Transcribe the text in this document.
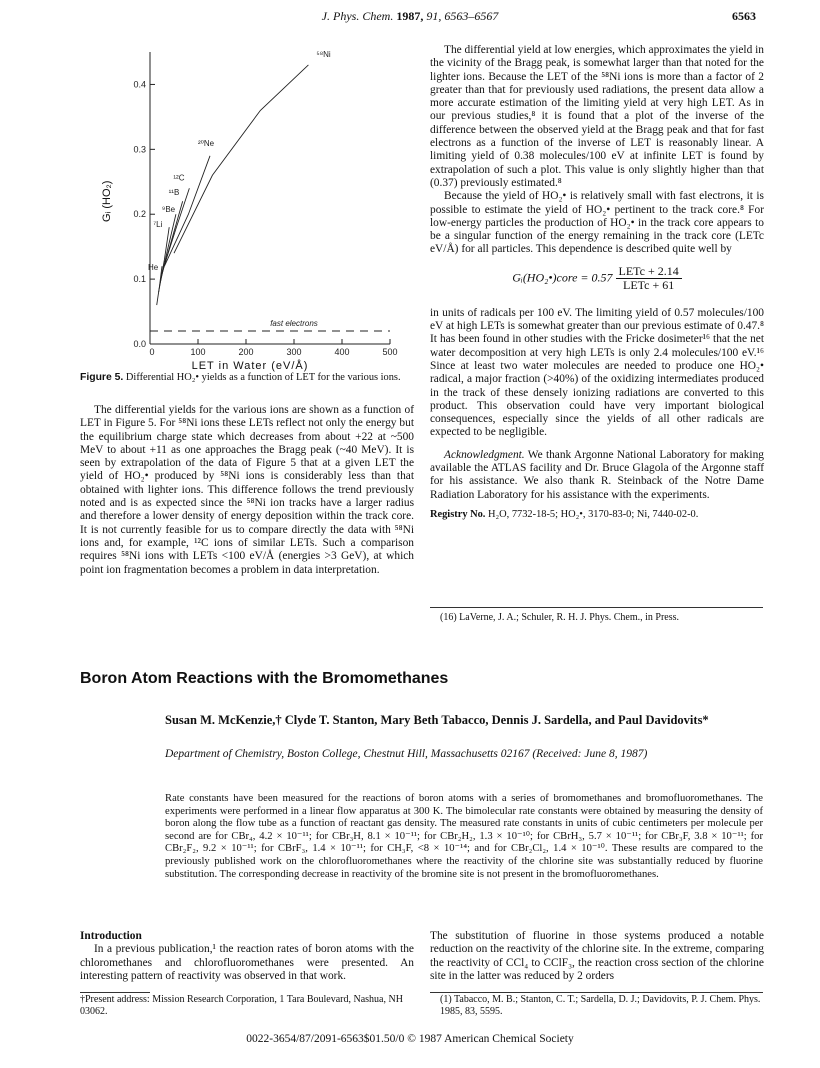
J. Phys. Chem. 1987, 91, 6563–6567	6563
0	100	200	300	400	500
0.0
0.1
0.2
0.3
0.4
LET in Water (eV/Å)
Gᵢ (HO₂)
⁵⁸Ni
²⁰Ne
¹²C
¹¹B
⁹Be
⁷Li
He
fast electrons
Figure 5. Differential HO₂• yields as a function of LET for the various ions.

The differential yields for the various ions are shown as a function of LET in Figure 5. For ⁵⁸Ni ions these LETs reflect not only the energy but the equilibrium charge state which decreases from about +22 at ~500 MeV to about +11 as one approaches the Bragg peak (~40 MeV). It is seen by extrapolation of the data of Figure 5 that at a given LET the yield of HO₂• produced by ⁵⁸Ni ions is considerably less than that obtained with lighter ions. This difference follows the trend previously noted and is as expected since the ⁵⁸Ni ion tracks have a larger radius and therefore a lower density of energy deposition within the track core. It is not currently feasible for us to compare directly the data with ⁵⁸Ni ions and, for example, ¹²C ions of similar LETs. Such a comparison requires ⁵⁸Ni ions with LETs <100 eV/Å (energies >3 GeV), at which point ion fragmentation becomes a problem in data interpretation.

The differential yield at low energies, which approximates the yield in the vicinity of the Bragg peak, is somewhat larger than that noted for the lighter ions. Because the LET of the ⁵⁸Ni ions is more than a factor of 2 greater than that for previously used radiations, the present data allow a more accurate estimation of the limiting yield at very high LET. As in our previous studies,⁸ it is found that a plot of the inverse of the difference between the observed yield at the Bragg peak and that for fast electrons as a function of the inverse of LET is reasonably linear. A limiting yield of 0.38 molecules/100 eV at infinite LET is found by extrapolation of such a plot. This value is only slightly higher than that (0.37) previously estimated.⁸

Because the yield of HO₂• is relatively small with fast electrons, it is possible to estimate the yield of HO₂• pertinent to the track core.⁸ For low-energy particles the production of HO₂• in the track core appears to be a singular function of the energy remaining in the track core (LETc eV/Å) for all particles. This dependence is described quite well by

Gᵢ(HO₂•)core = $0.57 \frac{\text{LETc + 2.14}}{\text{LETc + 61}}$

in units of radicals per 100 eV. The limiting yield of 0.57 molecules/100 eV at high LETs is somewhat greater than our previous estimate of 0.47.⁸ It has been found in other studies with the Fricke dosimeter¹⁶ that the net water decomposition at very high LETs is only 2.4 molecules/100 eV.¹⁶ Since at least two water molecules are needed to produce one HO₂• radical, a major fraction (>40%) of the oxidizing intermediates produced in the track of these densely ionizing radiations are converted to this product. This observation could have very important biological consequences, especially since the yields of all other radicals are expected to be negligible.

Acknowledgment. We thank Argonne National Laboratory for making available the ATLAS facility and Dr. Bruce Glagola of the Argonne staff for his assistance. We also thank R. Steinback of the Notre Dame Radiation Laboratory for his assistance with the experiments.

Registry No. H₂O, 7732-18-5; HO₂•, 3170-83-0; Ni, 7440-02-0.
(16) LaVerne, J. A.; Schuler, R. H. J. Phys. Chem., in Press.
Boron Atom Reactions with the Bromomethanes
Susan M. McKenzie,† Clyde T. Stanton, Mary Beth Tabacco, Dennis J. Sardella, and Paul Davidovits*
Department of Chemistry, Boston College, Chestnut Hill, Massachusetts 02167 (Received: June 8, 1987)
Rate constants have been measured for the reactions of boron atoms with a series of bromomethanes and bromofluoromethanes. The experiments were performed in a linear flow apparatus at 300 K. The bimolecular rate constants were obtained by measuring the density of boron along the flow tube as a function of reactant gas density. The measured rate constants in units of cubic centimeters per molecule per second are for CBr₄, 4.2 × 10⁻¹¹; for CBr₃H, 8.1 × 10⁻¹¹; for CBr₂H₂, 1.3 × 10⁻¹⁰; for CBrH₃, 5.7 × 10⁻¹¹; for CBr₃F, 3.8 × 10⁻¹¹; for CBr₂F₂, 9.2 × 10⁻¹¹; for CBrF₃, 1.4 × 10⁻¹¹; for CH₃F, <8 × 10⁻¹⁴; and for CBr₂Cl₂, 1.4 × 10⁻¹⁰. These results are compared to the previously published work on the chlorofluoromethanes where the reactivity of the chlorine site was substantially reduced by fluorine substitution. The corresponding decrease in reactivity of the bromine site is not present in the bromofluoromethanes.

Introduction

In a previous publication,¹ the reaction rates of boron atoms with the chloromethanes and chlorofluoromethanes were presented. An interesting pattern of reactivity was observed in that work.

The substitution of fluorine in those systems produced a notable reduction on the reactivity of the chlorine site. In the extreme, comparing the reactivity of CCl₄ to CClF₃, the reaction cross section of the chlorine site in the latter was reduced by 2 orders

†Present address: Mission Research Corporation, 1 Tara Boulevard, Nashua, NH 03062.
(1) Tabacco, M. B.; Stanton, C. T.; Sardella, D. J.; Davidovits, P. J. Chem. Phys. 1985, 83, 5595.
0022-3654/87/2091-6563$01.50/0 © 1987 American Chemical Society
